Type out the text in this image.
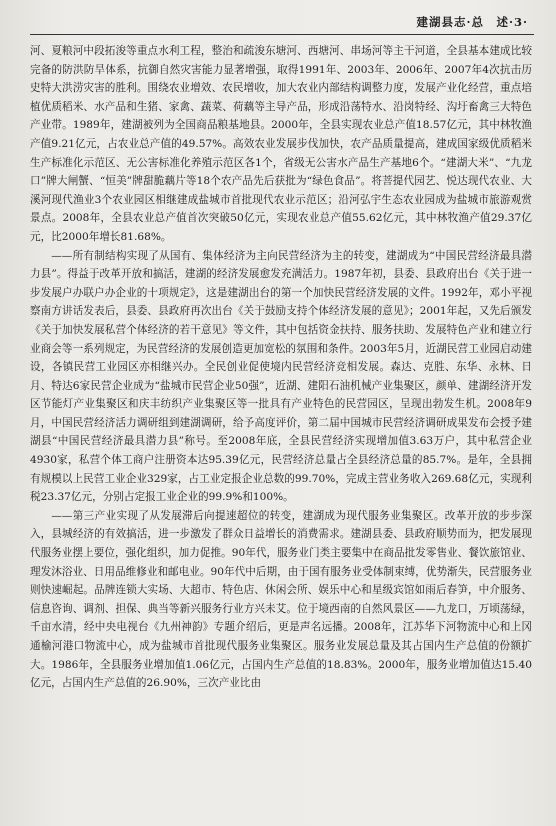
建湖县志·总　述·3·

河、夏粮河中段拓浚等重点水利工程，整治和疏浚东塘河、西塘河、串场河等主干河道，全县基本建成比较完备的防洪防旱体系，抗御自然灾害能力显著增强，取得1991年、2003年、2006年、2007年4次抗击历史特大洪涝灾害的胜利。围绕农业增效、农民增收，加大农业内部结构调整力度，发展产业化经营，重点培植优质稻米、水产品和生猪、家禽、蔬菜、荷藕等主导产品，形成沿荡特水、沿岗特经、沟圩畜禽三大特色产业带。1989年，建湖被列为全国商品粮基地县。2000年，全县实现农业总产值18.57亿元，其中林牧渔产值9.21亿元，占农业总产值的49.57%。高效农业发展步伐加快，农产品质量提高，建成国家级优质稻米生产标准化示范区、无公害标准化养殖示范区各1个，省级无公害水产品生产基地6个。“建湖大米”、“九龙口”牌大闸蟹、“恒美”牌甜脆藕片等18个农产品先后获批为“绿色食品”。将菩提代园艺、悦达现代农业、大溪河现代渔业3个农业园区相继建成盐城市首批现代农业示范区；沿河弘宇生态农业园成为盐城市旅游观赏景点。2008年，全县农业总产值首次突破50亿元，实现农业总产值55.62亿元，其中林牧渔产值29.37亿元，比2000年增长81.68%。

——所有制结构实现了从国有、集体经济为主向民营经济为主的转变，建湖成为“中国民营经济最具潜力县”。得益于改革开放和搞活，建湖的经济发展愈发充满活力。1987年初，县委、县政府出台《关于进一步发展户办联户办企业的十项规定》，这是建湖出台的第一个加快民营经济发展的文件。1992年，邓小平视察南方讲话发表后，县委、县政府再次出台《关于鼓励支持个体经济发展的意见》；2001年起，又先后颁发《关于加快发展私营个体经济的若干意见》等文件，其中包括资金扶持、服务扶助、发展特色产业和建立行业商会等一系列规定，为民营经济的发展创造更加宽松的氛围和条件。2003年5月，近湖民营工业园启动建设，各镇民营工业园区亦相继兴办。全民创业促使境内民营经济竞相发展。森达、克胜、东华、永林、日月、特达6家民营企业成为“盐城市民营企业50强”，近湖、建阳石油机械产业集聚区，颜单、建湖经济开发区节能灯产业集聚区和庆丰纺织产业集聚区等一批具有产业特色的民营园区，呈现出勃发生机。2008年9月，中国民营经济活力调研组到建湖调研，给予高度评价，第二届中国城市民营经济调研成果发布会授予建湖县“中国民营经济最具潜力县”称号。至2008年底，全县民营经济实现增加值3.63万户，其中私营企业4930家，私营个体工商户注册资本达95.39亿元，民营经济总量占全县经济总量的85.7%。是年，全县拥有规模以上民营工业企业329家，占工业定报企业总数的99.70%，完成主营业务收入269.68亿元，实现利税23.37亿元，分别占定报工业企业的99.9%和100%。

——第三产业实现了从发展滞后向提速超位的转变，建湖成为现代服务业集聚区。改革开放的步步深入，县城经济的有效搞活，进一步激发了群众日益增长的消费需求。建湖县委、县政府顺势而为，把发展现代服务业摆上要位，强化组织，加力促推。90年代，服务业门类主要集中在商品批发零售业、餐饮旅馆业、理发沐浴业、日用品维修业和邮电业。90年代中后期，由于国有服务业受体制束缚，优势渐失，民营服务业则快速崛起。品牌连锁大实场、大超市、特色店、休闲会所、娱乐中心和星级宾馆如雨后春笋，中介服务、信息咨询、调剂、担保、典当等新兴服务行业方兴未艾。位于境西南的自然风景区——九龙口，万顷荡绿，千亩水清，经中央电视台《九州神韵》专题介绍后，更是声名远播。2008年，江苏华下河物流中心和上冈通榆河港口物流中心，成为盐城市首批现代服务业集聚区。服务业发展总量及其占国内生产总值的份额扩大。1986年，全县服务业增加值1.06亿元，占国内生产总值的18.83%。2000年，服务业增加值达15.40亿元，占国内生产总值的26.90%，三次产业比由
